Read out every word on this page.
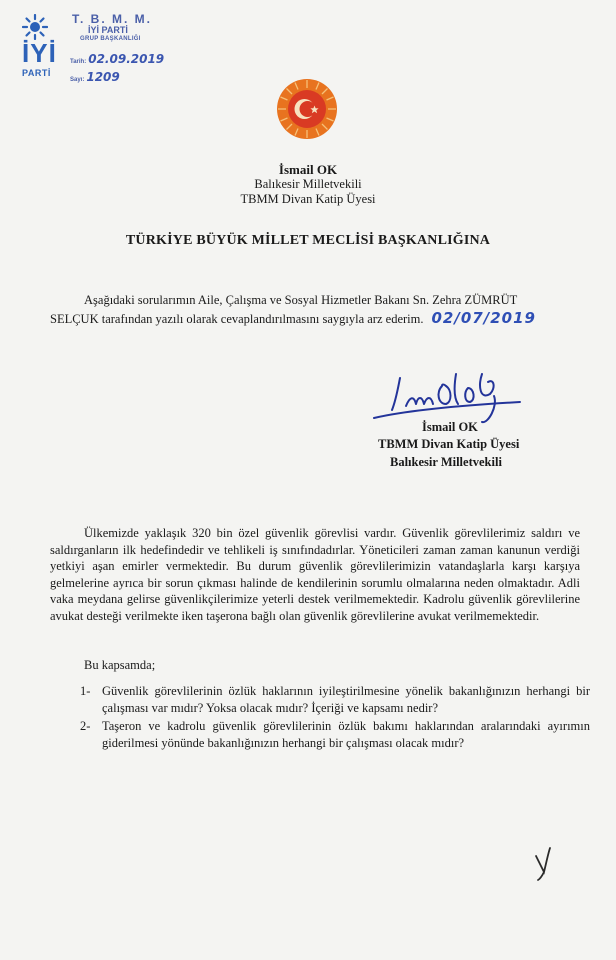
İYİ
PARTİ
T. B. M. M.
İYİ PARTİ
GRUP BAŞKANLIĞI
Tarih: 02.09.2019
Sayı: 1209
İsmail OK
Balıkesir Milletvekili
TBMM Divan Katip Üyesi
TÜRKİYE BÜYÜK MİLLET MECLİSİ BAŞKANLIĞINA
Aşağıdaki sorularımın Aile, Çalışma ve Sosyal Hizmetler Bakanı Sn. Zehra ZÜMRÜT
SELÇUK tarafından yazılı olarak cevaplandırılmasını saygıyla arz ederim. 02/07/2019
İsmail OK
TBMM Divan Katip Üyesi
Balıkesir Milletvekili

Ülkemizde yaklaşık 320 bin özel güvenlik görevlisi vardır. Güvenlik görevlilerimiz saldırı ve saldırganların ilk hedefindedir ve tehlikeli iş sınıfındadırlar. Yöneticileri zaman zaman kanunun verdiği yetkiyi aşan emirler vermektedir. Bu durum güvenlik görevlilerimizin vatandaşlarla karşı karşıya gelmelerine ayrıca bir sorun çıkması halinde de kendilerinin sorumlu olmalarına neden olmaktadır. Adli vaka meydana gelirse güvenlikçilerimize yeterli destek verilmemektedir. Kadrolu güvenlik görevlilerine avukat desteği verilmekte iken taşerona bağlı olan güvenlik görevlilerine avukat verilmemektedir.

Bu kapsamda;
1- Güvenlik görevlilerinin özlük haklarının iyileştirilmesine yönelik bakanlığınızın herhangi bir çalışması var mıdır? Yoksa olacak mıdır? İçeriği ve kapsamı nedir?
2- Taşeron ve kadrolu güvenlik görevlilerinin özlük bakımı haklarından aralarındaki ayırımın giderilmesi yönünde bakanlığınızın herhangi bir çalışması olacak mıdır?
